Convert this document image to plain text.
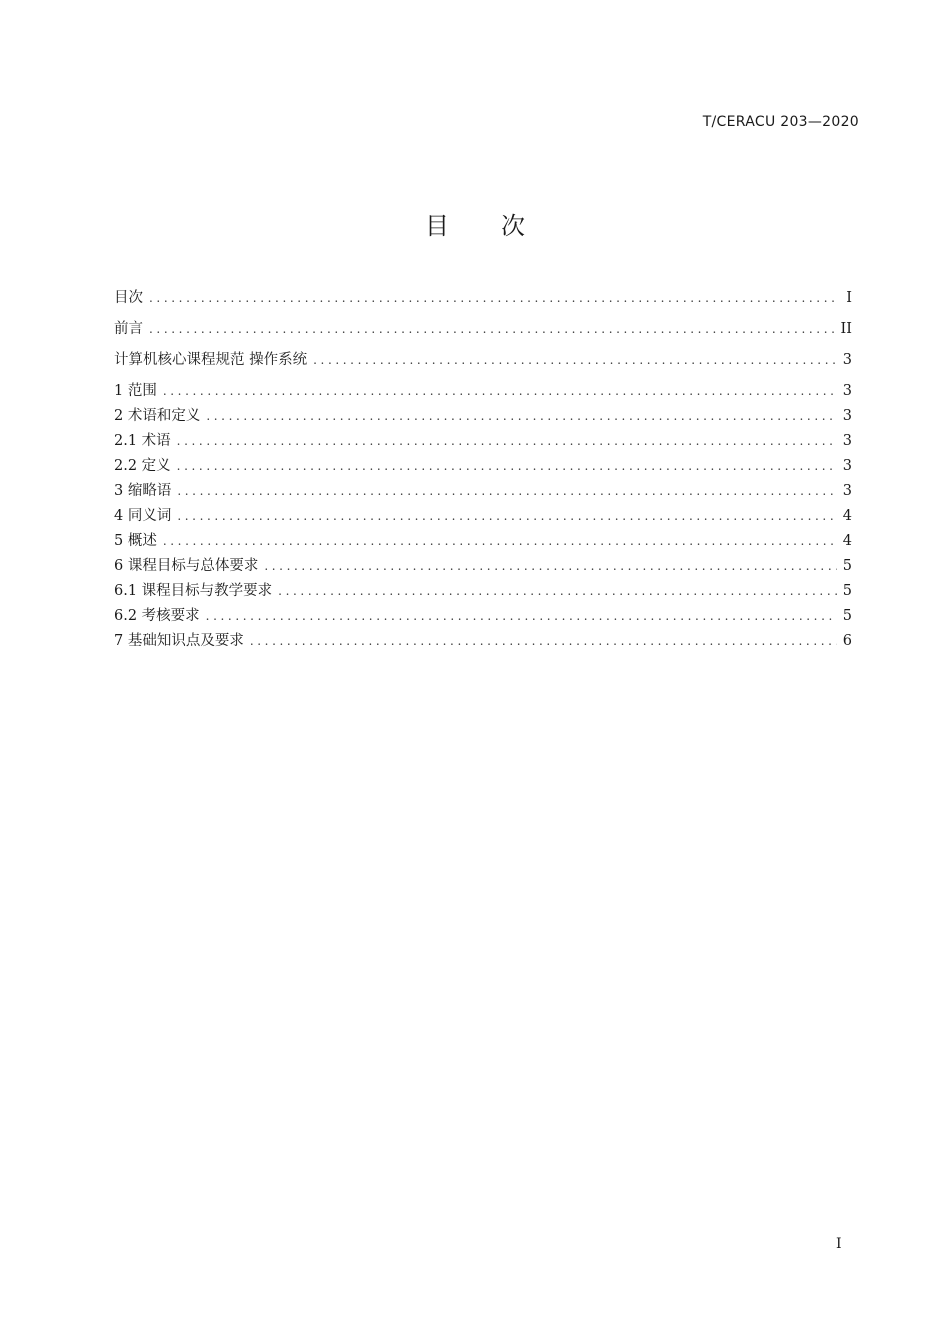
T/CERACU 203—2020
目 次
目次 .....	I
前言 .....	II
计算机核心课程规范 操作系统 .....	3
1 范围 .....	3
2 术语和定义 .....	3
2.1 术语 .....	3
2.2 定义 .....	3
3 缩略语 .....	3
4 同义词 .....	4
5 概述 .....	4
6 课程目标与总体要求 .....	5
6.1 课程目标与教学要求 .....	5
6.2 考核要求 .....	5
7 基础知识点及要求 .....	6
I
